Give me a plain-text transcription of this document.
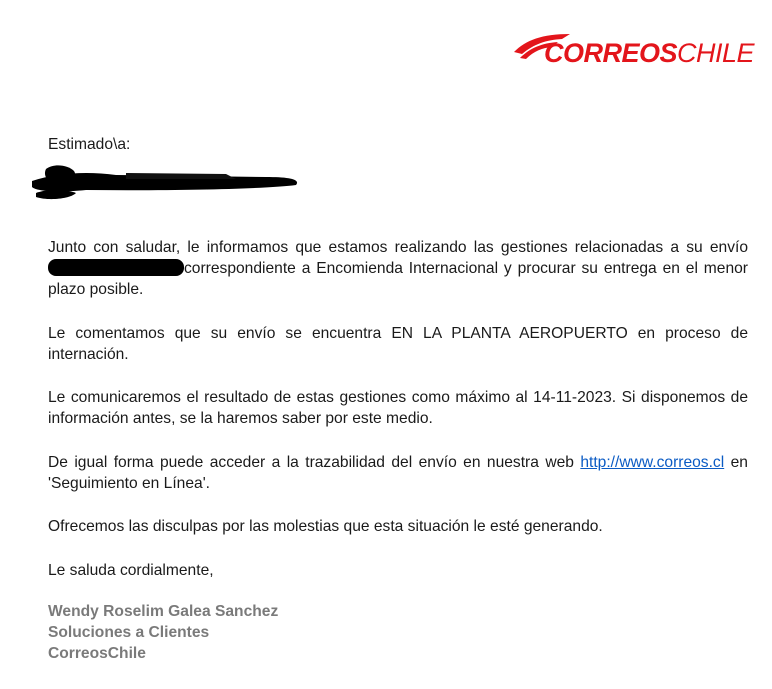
CORREOSCHILE

Estimado\a:

Junto con saludar, le informamos que estamos realizando las gestiones relacionadas a su envío correspondiente a Encomienda Internacional y procurar su entrega en el menor plazo posible.

Le comentamos que su envío se encuentra EN LA PLANTA AEROPUERTO en proceso de internación.

Le comunicaremos el resultado de estas gestiones como máximo al 14-11-2023. Si disponemos de información antes, se la haremos saber por este medio.

De igual forma puede acceder a la trazabilidad del envío en nuestra web http://www.correos.cl en 'Seguimiento en Línea'.

Ofrecemos las disculpas por las molestias que esta situación le esté generando.

Le saluda cordialmente,

Wendy Roselim Galea Sanchez

Soluciones a Clientes

CorreosChile
